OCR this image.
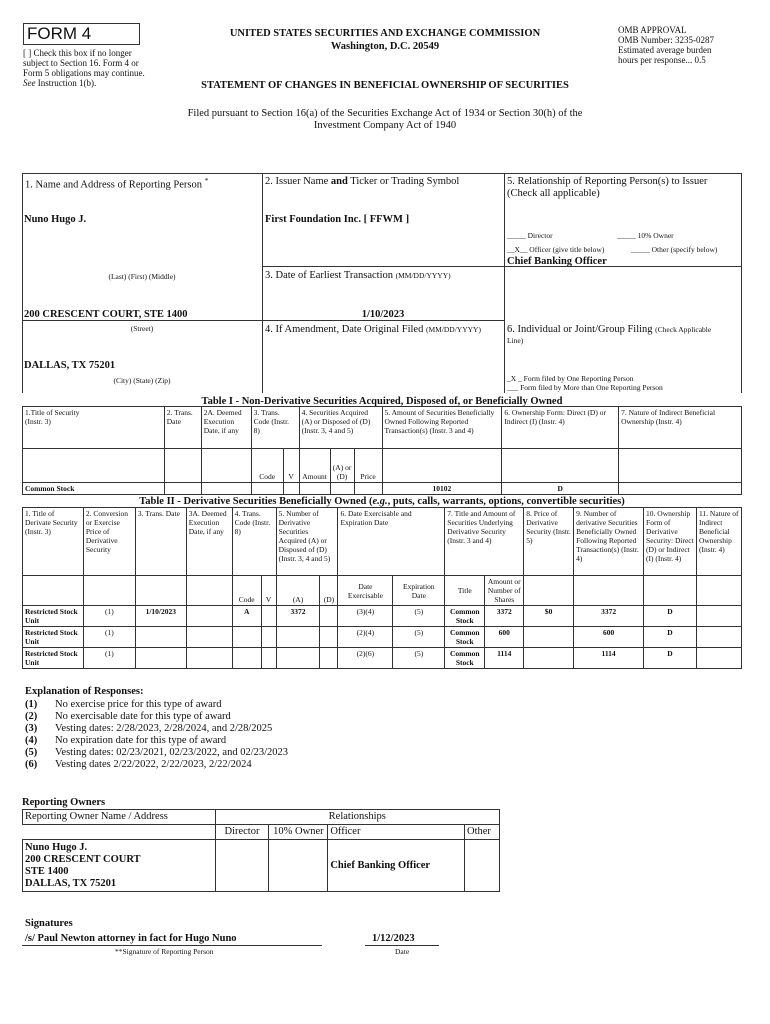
FORM 4
[ ] Check this box if no longer subject to Section 16. Form 4 or Form 5 obligations may continue. See Instruction 1(b).
UNITED STATES SECURITIES AND EXCHANGE COMMISSION
Washington, D.C. 20549
STATEMENT OF CHANGES IN BENEFICIAL OWNERSHIP OF SECURITIES
OMB APPROVAL
OMB Number: 3235-0287
Estimated average burden
hours per response... 0.5
Filed pursuant to Section 16(a) of the Securities Exchange Act of 1934 or Section 30(h) of the
Investment Company Act of 1940
1. Name and Address of Reporting Person *
Nuno Hugo J.
(Last) (First) (Middle)
200 CRESCENT COURT, STE 1400
(Street)
DALLAS, TX 75201
(City) (State) (Zip)
2. Issuer Name and Ticker or Trading Symbol
First Foundation Inc. [ FFWM ]
3. Date of Earliest Transaction (MM/DD/YYYY)
1/10/2023
4. If Amendment, Date Original Filed (MM/DD/YYYY)
5. Relationship of Reporting Person(s) to Issuer
(Check all applicable)
_____ Director	_____ 10% Owner
__X__ Officer (give title below)	_____ Other (specify below)
Chief Banking Officer
6. Individual or Joint/Group Filing (Check Applicable
Line)
_X _ Form filed by One Reporting Person
___ Form filed by More than One Reporting Person
Table I - Non-Derivative Securities Acquired, Disposed of, or Beneficially Owned
1.Title of Security
(Instr. 3)	2. Trans. Date	2A. Deemed Execution Date, if any	3. Trans. Code (Instr. 8)		4. Securities Acquired (A) or Disposed of (D) (Instr. 3, 4 and 5)			5. Amount of Securities Beneficially Owned Following Reported Transaction(s) (Instr. 3 and 4)	6. Ownership Form: Direct (D) or Indirect (I) (Instr. 4)	7. Nature of Indirect Beneficial Ownership (Instr. 4)
			Code	V	Amount	(A) or (D)	Price			
Common Stock								10102	D	
Table II - Derivative Securities Beneficially Owned (e.g., puts, calls, warrants, options, convertible securities)
1. Title of Derivate Security (Instr. 3)	2. Conversion or Exercise Price of Derivative Security	3. Trans. Date	3A. Deemed Execution Date, if any	4. Trans. Code (Instr. 8)		5. Number of Derivative Securities Acquired (A) or Disposed of (D) (Instr. 3, 4 and 5)		6. Date Exercisable and Expiration Date		7. Title and Amount of Securities Underlying Derivative Security (Instr. 3 and 4)		8. Price of Derivative Security (Instr. 5)	9. Number of derivative Securities Beneficially Owned Following Reported Transaction(s) (Instr. 4)	10. Ownership Form of Derivative Security: Direct (D) or Indirect (I) (Instr. 4)	11. Nature of Indirect Beneficial Ownership (Instr. 4)
				Code	V	(A)	(D)	Date Exercisable	Expiration Date	Title	Amount or Number of Shares				
Restricted Stock Unit	(1)	1/10/2023		A		3372		(3)(4)	(5)	Common Stock	3372	$0	3372	D	
Restricted Stock Unit	(1)							(2)(4)	(5)	Common Stock	600		600	D	
Restricted Stock Unit	(1)							(2)(6)	(5)	Common Stock	1114		1114	D	
Explanation of Responses:
(1) No exercise price for this type of award
(2) No exercisable date for this type of award
(3) Vesting dates: 2/28/2023, 2/28/2024, and 2/28/2025
(4) No expiration date for this type of award
(5) Vesting dates: 02/23/2021, 02/23/2022, and 02/23/2023
(6) Vesting dates 2/22/2022, 2/22/2023, 2/22/2024
Reporting Owners
Reporting Owner Name / Address	Relationships			
	Director	10% Owner	Officer	Other

Nuno Hugo J.
200 CRESCENT COURT
STE 1400
DALLAS, TX 75201			Chief Banking Officer	
Signatures
/s/ Paul Newton attorney in fact for Hugo Nuno	1/12/2023
**Signature of Reporting Person	Date
